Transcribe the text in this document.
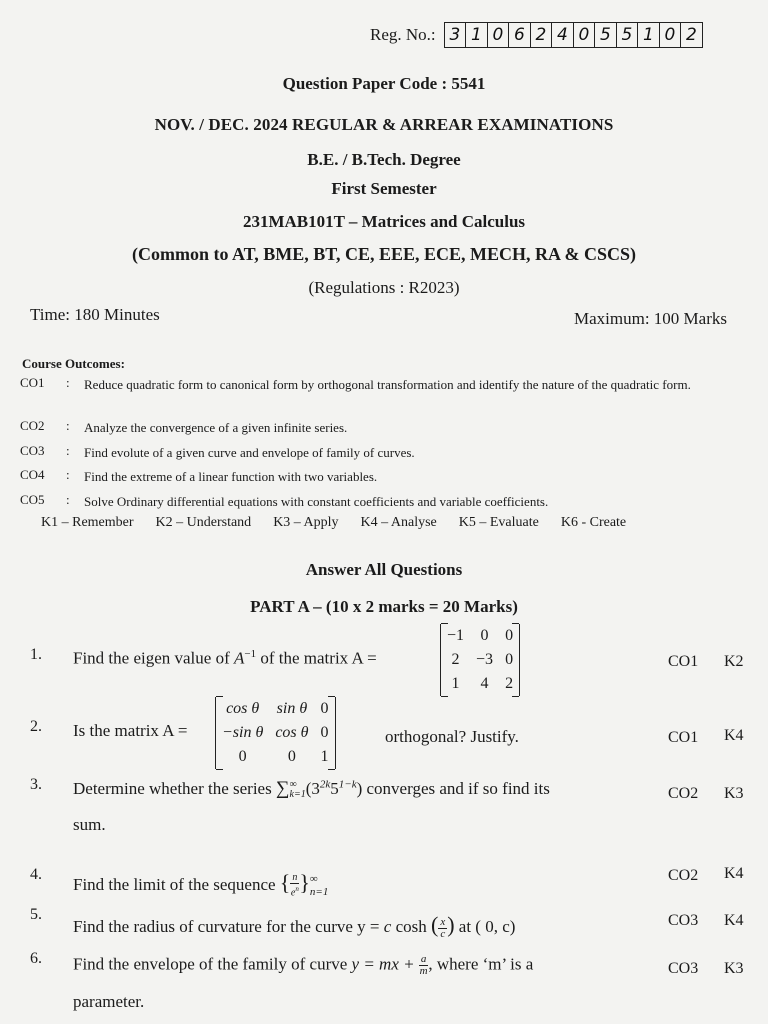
Reg. No.: 3 1 0 6 2 4 0 5 5 1 0 2
Question Paper Code : 5541
NOV. / DEC. 2024 REGULAR & ARREAR EXAMINATIONS
B.E. / B.Tech. Degree
First Semester
231MAB101T – Matrices and Calculus
(Common to AT, BME, BT, CE, EEE, ECE, MECH, RA & CSCS)
(Regulations : R2023)
Time: 180 Minutes	Maximum: 100 Marks
Course Outcomes:
CO1	:	Reduce quadratic form to canonical form by orthogonal transformation and identify the nature of the quadratic form.
CO2	:	Analyze the convergence of a given infinite series.
CO3	:	Find evolute of a given curve and envelope of family of curves.
CO4	:	Find the extreme of a linear function with two variables.
CO5	:	Solve Ordinary differential equations with constant coefficients and variable coefficients.
K1 – Remember K2 – Understand K3 – Apply K4 – Analyse K5 – Evaluate K6 - Create
Answer All Questions
PART A – (10 x 2 marks = 20 Marks)
1. Find the eigen value of $A^{-1}$ of the matrix A =
−1	0	0
2	−3	0
1	4	2
CO1 K2
2. Is the matrix A =
cos θ	sin θ	0
−sin θ	cos θ	0
0	0	1
orthogonal? Justify.	CO1 K4
3. Determine whether the series ∑ ∞
k=1 $(3^{2k}5^{1-k})$ converges and if so find its
sum.
CO2 K3
4.
Find the limit of the sequence { $\frac{n}{e^n}$ } ∞
n=1
CO2 K4
5.
Find the radius of curvature for the curve y = c cosh ( $\frac{x}{c}$ ) at ( 0, c)	CO3 K4
6. Find the envelope of the family of curve y = mx + $\frac{a}{m}$ , where ‘m’ is a
parameter.
CO3 K3
